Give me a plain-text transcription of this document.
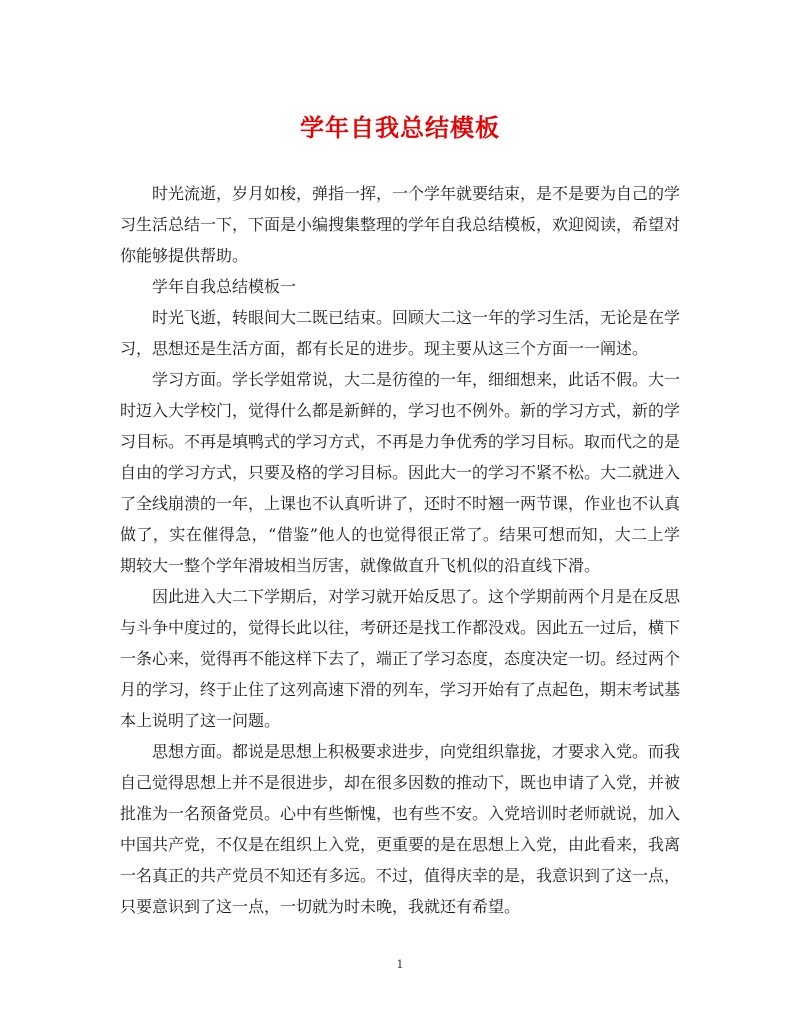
学年自我总结模板

时光流逝，岁月如梭，弹指一挥，一个学年就要结束，是不是要为自己的学习生活总结一下，下面是小编搜集整理的学年自我总结模板，欢迎阅读，希望对你能够提供帮助。

学年自我总结模板一

时光飞逝，转眼间大二既已结束。回顾大二这一年的学习生活，无论是在学习，思想还是生活方面，都有长足的进步。现主要从这三个方面一一阐述。

学习方面。学长学姐常说，大二是彷徨的一年，细细想来，此话不假。大一时迈入大学校门，觉得什么都是新鲜的，学习也不例外。新的学习方式，新的学习目标。不再是填鸭式的学习方式，不再是力争优秀的学习目标。取而代之的是自由的学习方式，只要及格的学习目标。因此大一的学习不紧不松。大二就进入了全线崩溃的一年，上课也不认真听讲了，还时不时翘一两节课，作业也不认真做了，实在催得急，“借鉴”他人的也觉得很正常了。结果可想而知，大二上学期较大一整个学年滑坡相当厉害，就像做直升飞机似的沿直线下滑。

因此进入大二下学期后，对学习就开始反思了。这个学期前两个月是在反思与斗争中度过的，觉得长此以往，考研还是找工作都没戏。因此五一过后，横下一条心来，觉得再不能这样下去了，端正了学习态度，态度决定一切。经过两个月的学习，终于止住了这列高速下滑的列车，学习开始有了点起色，期末考试基本上说明了这一问题。

思想方面。都说是思想上积极要求进步，向党组织靠拢，才要求入党。而我自己觉得思想上并不是很进步，却在很多因数的推动下，既也申请了入党，并被批准为一名预备党员。心中有些惭愧，也有些不安。入党培训时老师就说，加入中国共产党，不仅是在组织上入党，更重要的是在思想上入党，由此看来，我离一名真正的共产党员不知还有多远。不过，值得庆幸的是，我意识到了这一点，只要意识到了这一点，一切就为时未晚，我就还有希望。

1
